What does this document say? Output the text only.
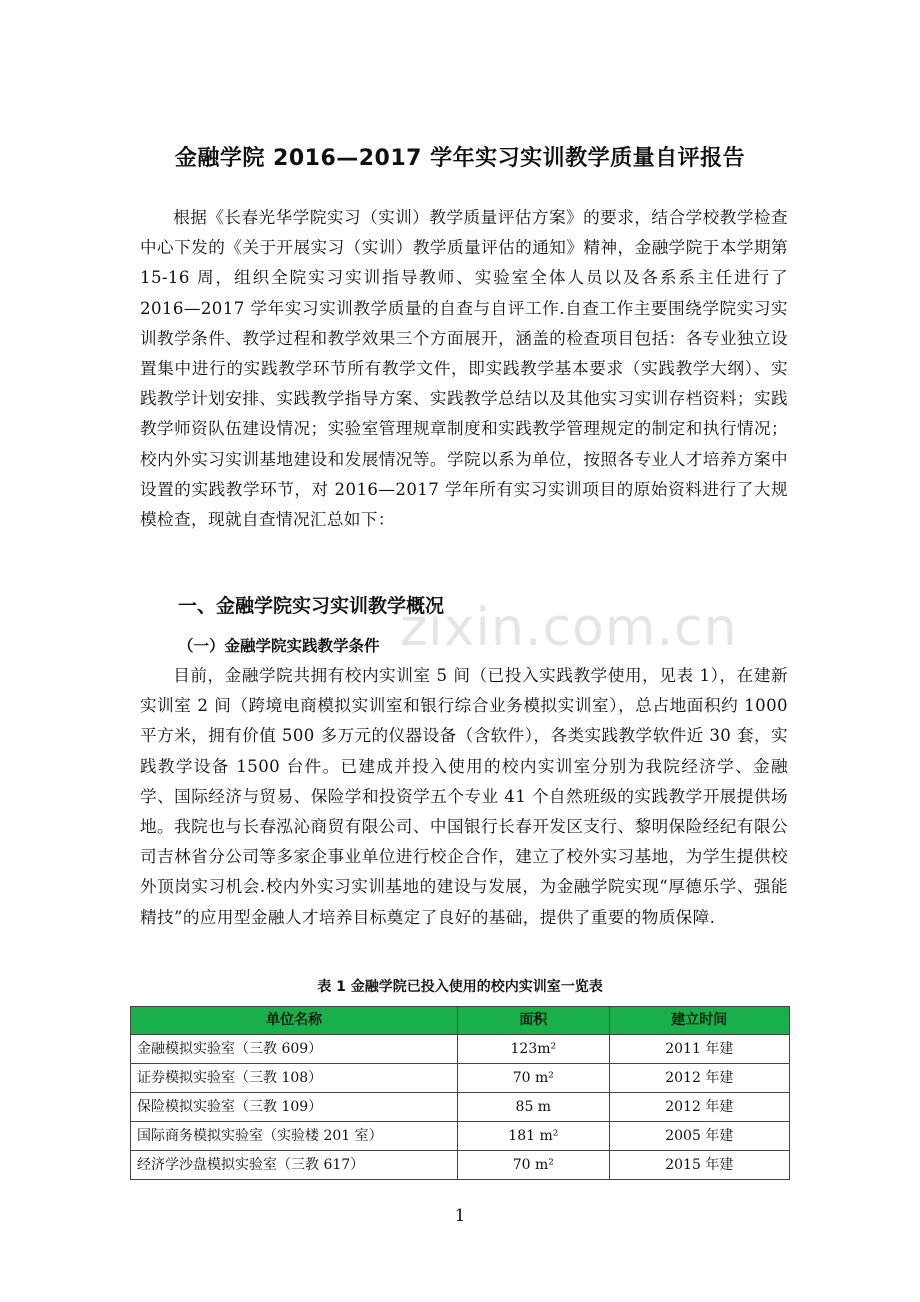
金融学院 2016—2017 学年实习实训教学质量自评报告
根据《长春光华学院实习（实训）教学质量评估方案》的要求，结合学校教学检查中心下发的《关于开展实习（实训）教学质量评估的通知》精神，金融学院于本学期第 15-16 周，组织全院实习实训指导教师、实验室全体人员以及各系系主任进行了 2016—2017 学年实习实训教学质量的自查与自评工作.自查工作主要围绕学院实习实训教学条件、教学过程和教学效果三个方面展开，涵盖的检查项目包括：各专业独立设置集中进行的实践教学环节所有教学文件，即实践教学基本要求（实践教学大纲）、实践教学计划安排、实践教学指导方案、实践教学总结以及其他实习实训存档资料；实践教学师资队伍建设情况；实验室管理规章制度和实践教学管理规定的制定和执行情况；校内外实习实训基地建设和发展情况等。学院以系为单位，按照各专业人才培养方案中设置的实践教学环节，对 2016—2017 学年所有实习实训项目的原始资料进行了大规模检查，现就自查情况汇总如下：
一、金融学院实习实训教学概况
（一）金融学院实践教学条件 zixin.com.cn
目前，金融学院共拥有校内实训室 5 间（已投入实践教学使用，见表 1），在建新实训室 2 间（跨境电商模拟实训室和银行综合业务模拟实训室），总占地面积约 1000 平方米，拥有价值 500 多万元的仪器设备（含软件），各类实践教学软件近 30 套，实践教学设备 1500 台件。已建成并投入使用的校内实训室分别为我院经济学、金融学、国际经济与贸易、保险学和投资学五个专业 41 个自然班级的实践教学开展提供场地。我院也与长春泓沁商贸有限公司、中国银行长春开发区支行、黎明保险经纪有限公司吉林省分公司等多家企事业单位进行校企合作，建立了校外实习基地，为学生提供校外顶岗实习机会.校内外实习实训基地的建设与发展，为金融学院实现“厚德乐学、强能精技”的应用型金融人才培养目标奠定了良好的基础，提供了重要的物质保障.
表 1 金融学院已投入使用的校内实训室一览表
单位名称	面积	建立时间
金融模拟实验室（三教 609）	123m²	2011 年建
证券模拟实验室（三教 108）	70 m²	2012 年建
保险模拟实验室（三教 109）	85 m	2012 年建
国际商务模拟实验室（实验楼 201 室）	181 m²	2005 年建
经济学沙盘模拟实验室（三教 617）	70 m²	2015 年建
1
